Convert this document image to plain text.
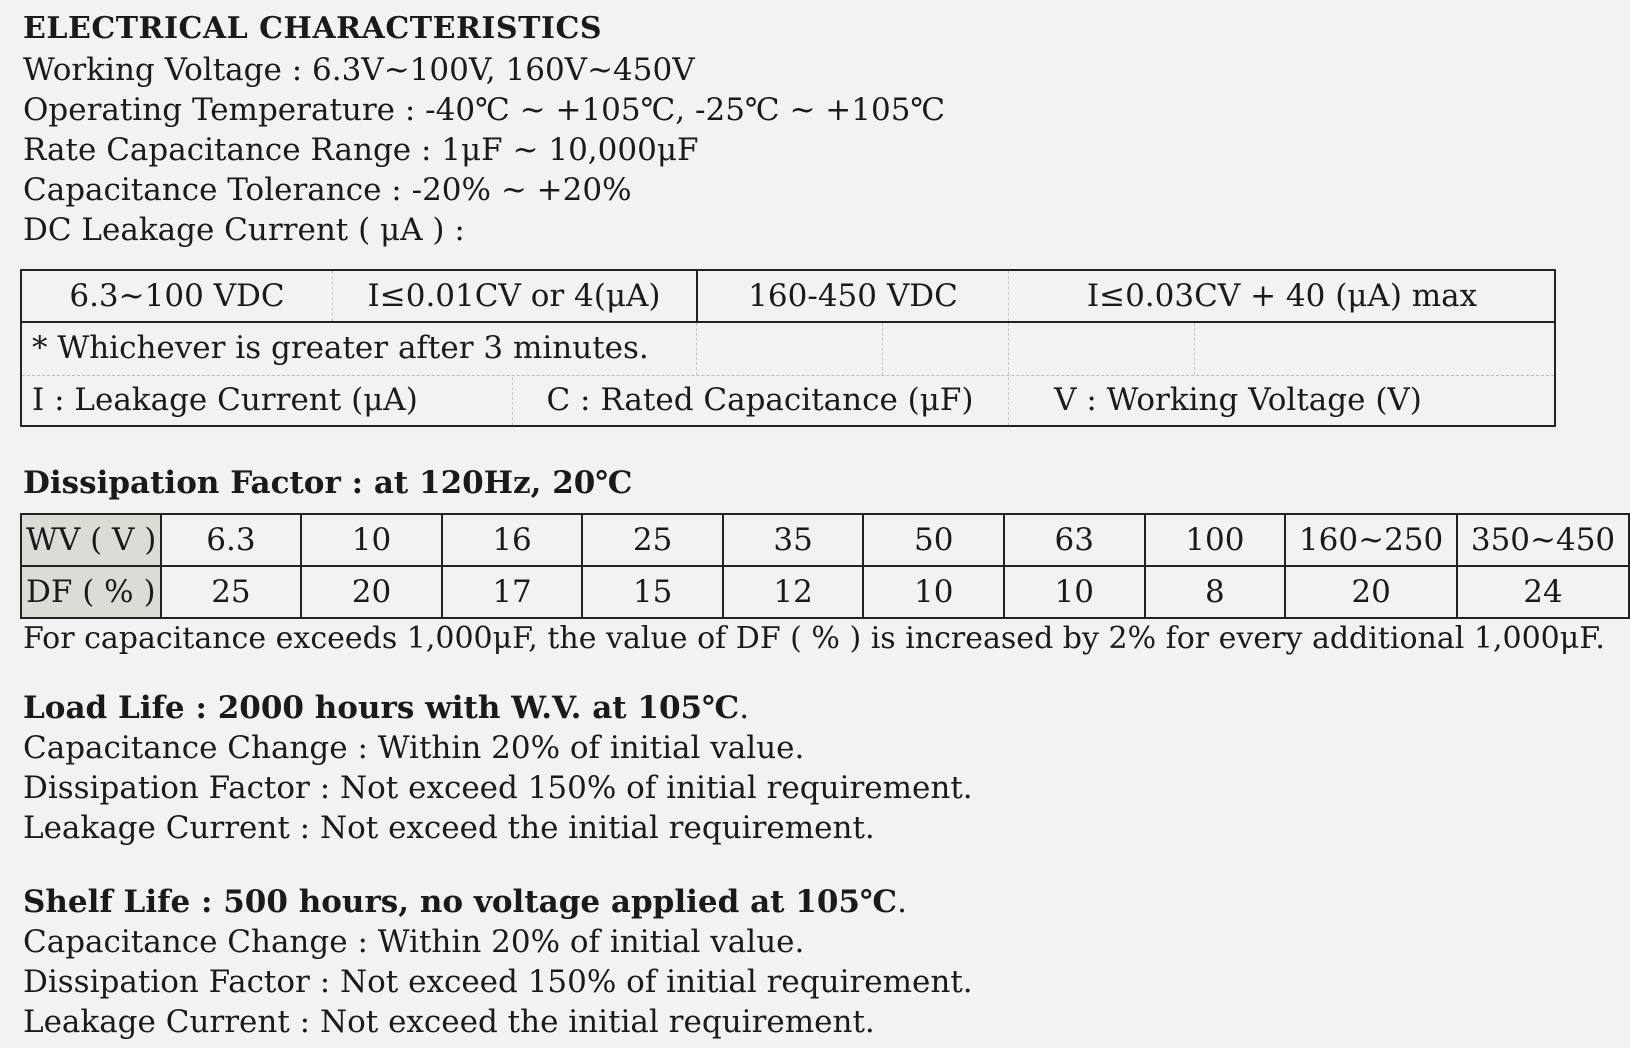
ELECTRICAL CHARACTERISTICS

Working Voltage : 6.3V~100V, 160V~450V

Operating Temperature : -40℃ ~ +105℃, -25℃ ~ +105℃

Rate Capacitance Range : 1μF ~ 10,000μF

Capacitance Tolerance : -20% ~ +20%

DC Leakage Current ( μA ) :

6.3~100 VDC	I≤0.01CV or 4(μA)	160-450 VDC	I≤0.03CV + 40 (μA) max
* Whichever is greater after 3 minutes.
I : Leakage Current (μA)	C : Rated Capacitance (μF)	V : Working Voltage (V)

Dissipation Factor : at 120Hz, 20℃

WV ( V )	6.3	10	16	25	35	50	63	100	160~250	350~450
DF ( % )	25	20	17	15	12	10	10	8	20	24

For capacitance exceeds 1,000μF, the value of DF ( % ) is increased by 2% for every additional 1,000μF.

Load Life : 2000 hours with W.V. at 105℃.

Capacitance Change : Within 20% of initial value.

Dissipation Factor : Not exceed 150% of initial requirement.

Leakage Current : Not exceed the initial requirement.

Shelf Life : 500 hours, no voltage applied at 105℃.

Capacitance Change : Within 20% of initial value.

Dissipation Factor : Not exceed 150% of initial requirement.

Leakage Current : Not exceed the initial requirement.
